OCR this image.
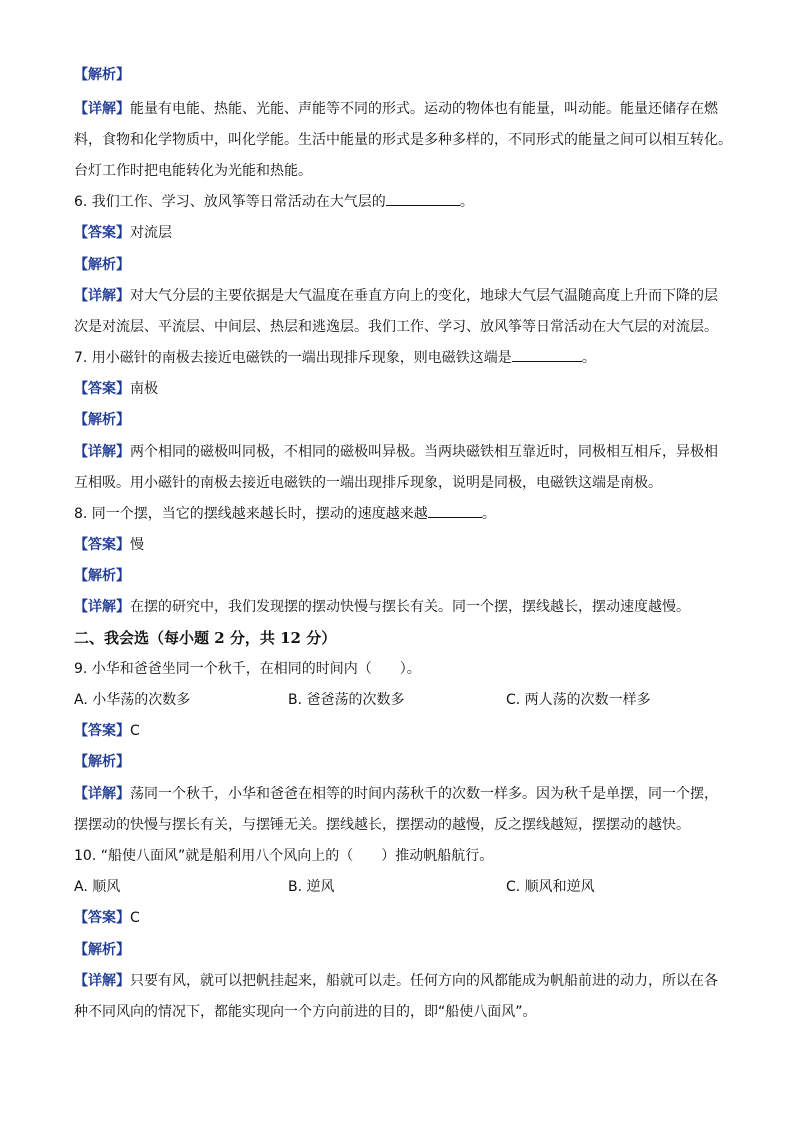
【解析】
【详解】能量有电能、热能、光能、声能等不同的形式。运动的物体也有能量，叫动能。能量还储存在燃
料，食物和化学物质中，叫化学能。生活中能量的形式是多种多样的，不同形式的能量之间可以相互转化。
台灯工作时把电能转化为光能和热能。
6. 我们工作、学习、放风筝等日常活动在大气层的	。
【答案】对流层
【解析】
【详解】对大气分层的主要依据是大气温度在垂直方向上的变化，地球大气层气温随高度上升而下降的层
次是对流层、平流层、中间层、热层和逃逸层。我们工作、学习、放风筝等日常活动在大气层的对流层。
7. 用小磁针的南极去接近电磁铁的一端出现排斥现象，则电磁铁这端是	。
【答案】南极
【解析】
【详解】两个相同的磁极叫同极，不相同的磁极叫异极。当两块磁铁相互靠近时，同极相互相斥，异极相
互相吸。用小磁针的南极去接近电磁铁的一端出现排斥现象，说明是同极，电磁铁这端是南极。
8. 同一个摆，当它的摆线越来越长时，摆动的速度越来越	。
【答案】慢
【解析】
【详解】在摆的研究中，我们发现摆的摆动快慢与摆长有关。同一个摆，摆线越长，摆动速度越慢。
二、我会选（每小题 2 分，共 12 分）
9. 小华和爸爸坐同一个秋千，在相同的时间内（　　）。
A. 小华荡的次数多	B. 爸爸荡的次数多	C. 两人荡的次数一样多
【答案】C
【解析】
【详解】荡同一个秋千，小华和爸爸在相等的时间内荡秋千的次数一样多。因为秋千是单摆，同一个摆，
摆摆动的快慢与摆长有关，与摆锤无关。摆线越长，摆摆动的越慢，反之摆线越短，摆摆动的越快。
10. “船使八面风”就是船利用八个风向上的（　　）推动帆船航行。
A. 顺风	B. 逆风	C. 顺风和逆风
【答案】C
【解析】
【详解】只要有风，就可以把帆挂起来，船就可以走。任何方向的风都能成为帆船前进的动力，所以在各
种不同风向的情况下，都能实现向一个方向前进的目的，即“船使八面风”。
